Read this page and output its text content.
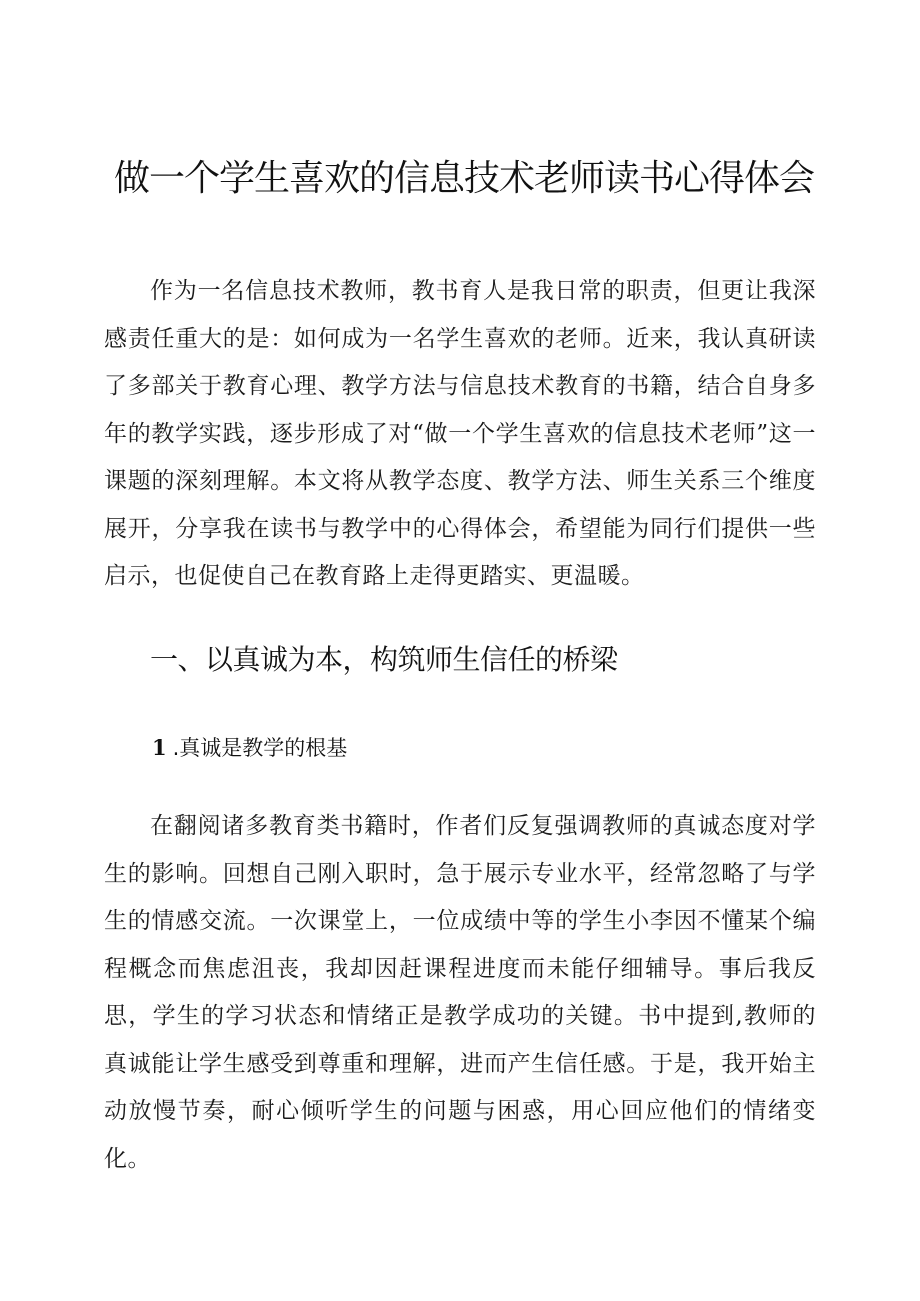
做一个学生喜欢的信息技术老师读书心得体会

作为一名信息技术教师，教书育人是我日常的职责，但更让我深感责任重大的是：如何成为一名学生喜欢的老师。近来，我认真研读了多部关于教育心理、教学方法与信息技术教育的书籍，结合自身多年的教学实践，逐步形成了对“做一个学生喜欢的信息技术老师”这一课题的深刻理解。本文将从教学态度、教学方法、师生关系三个维度展开，分享我在读书与教学中的心得体会，希望能为同行们提供一些启示，也促使自己在教育路上走得更踏实、更温暖。

一、以真诚为本，构筑师生信任的桥梁
1 .真诚是教学的根基

在翻阅诸多教育类书籍时，作者们反复强调教师的真诚态度对学生的影响。回想自己刚入职时，急于展示专业水平，经常忽略了与学生的情感交流。一次课堂上，一位成绩中等的学生小李因不懂某个编程概念而焦虑沮丧，我却因赶课程进度而未能仔细辅导。事后我反思，学生的学习状态和情绪正是教学成功的关键。书中提到,教师的真诚能让学生感受到尊重和理解，进而产生信任感。于是，我开始主动放慢节奏，耐心倾听学生的问题与困惑，用心回应他们的情绪变化。
